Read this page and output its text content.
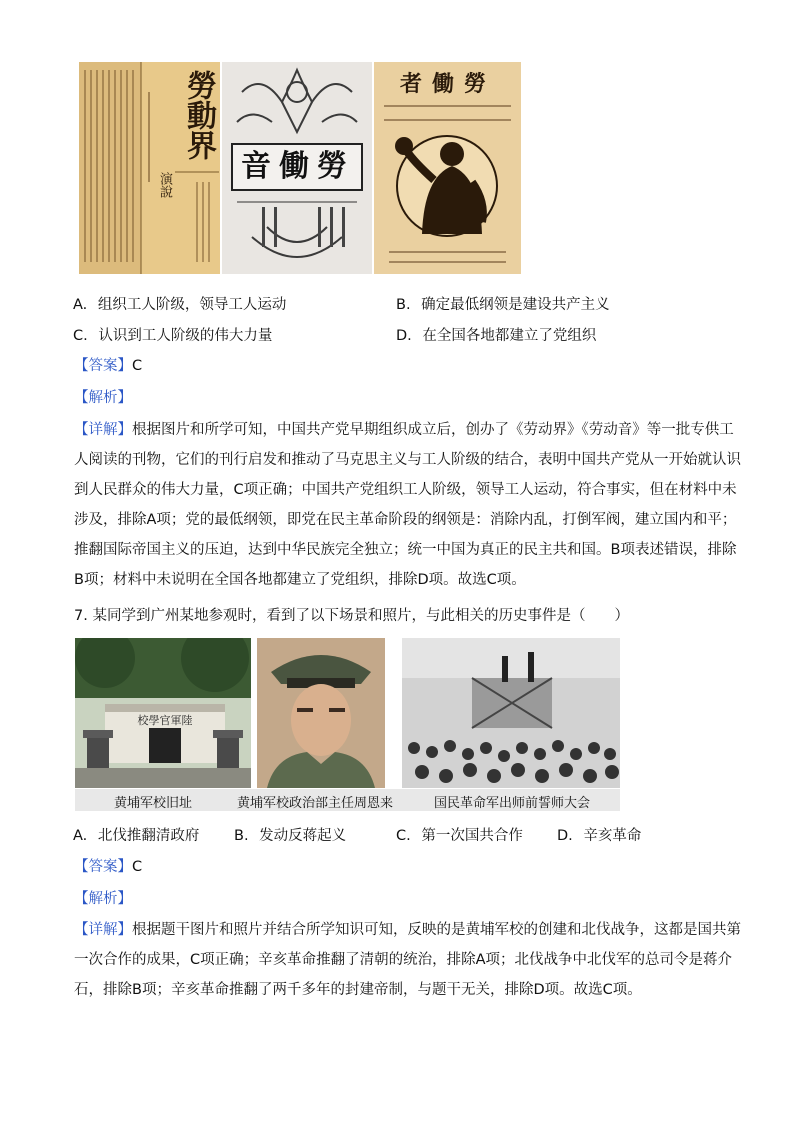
勞動界
演說
音働勞
者働勞
A. 组织工人阶级，领导工人运动	B. 确定最低纲领是建设共产主义
C. 认识到工人阶级的伟大力量	D. 在全国各地都建立了党组织
【答案】C
【解析】
【详解】根据图片和所学可知，中国共产党早期组织成立后，创办了《劳动界》《劳动音》等一批专供工
人阅读的刊物，它们的刊行启发和推动了马克思主义与工人阶级的结合，表明中国共产党从一开始就认识
到人民群众的伟大力量，C项正确；中国共产党组织工人阶级，领导工人运动，符合事实，但在材料中未
涉及，排除A项；党的最低纲领，即党在民主革命阶段的纲领是：消除内乱，打倒军阀，建立国内和平；
推翻国际帝国主义的压迫，达到中华民族完全独立；统一中国为真正的民主共和国。B项表述错误，排除
B项；材料中未说明在全国各地都建立了党组织，排除D项。故选C项。
7. 某同学到广州某地参观时，看到了以下场景和照片，与此相关的历史事件是（　　）
校學官軍陸
黄埔军校旧址	黄埔军校政治部主任周恩来	国民革命军出师前誓师大会
A. 北伐推翻清政府 B. 发动反蒋起义	C. 第一次国共合作 D. 辛亥革命
【答案】C
【解析】
【详解】根据题干图片和照片并结合所学知识可知，反映的是黄埔军校的创建和北伐战争，这都是国共第
一次合作的成果，C项正确；辛亥革命推翻了清朝的统治，排除A项；北伐战争中北伐军的总司令是蒋介
石，排除B项；辛亥革命推翻了两千多年的封建帝制，与题干无关，排除D项。故选C项。
